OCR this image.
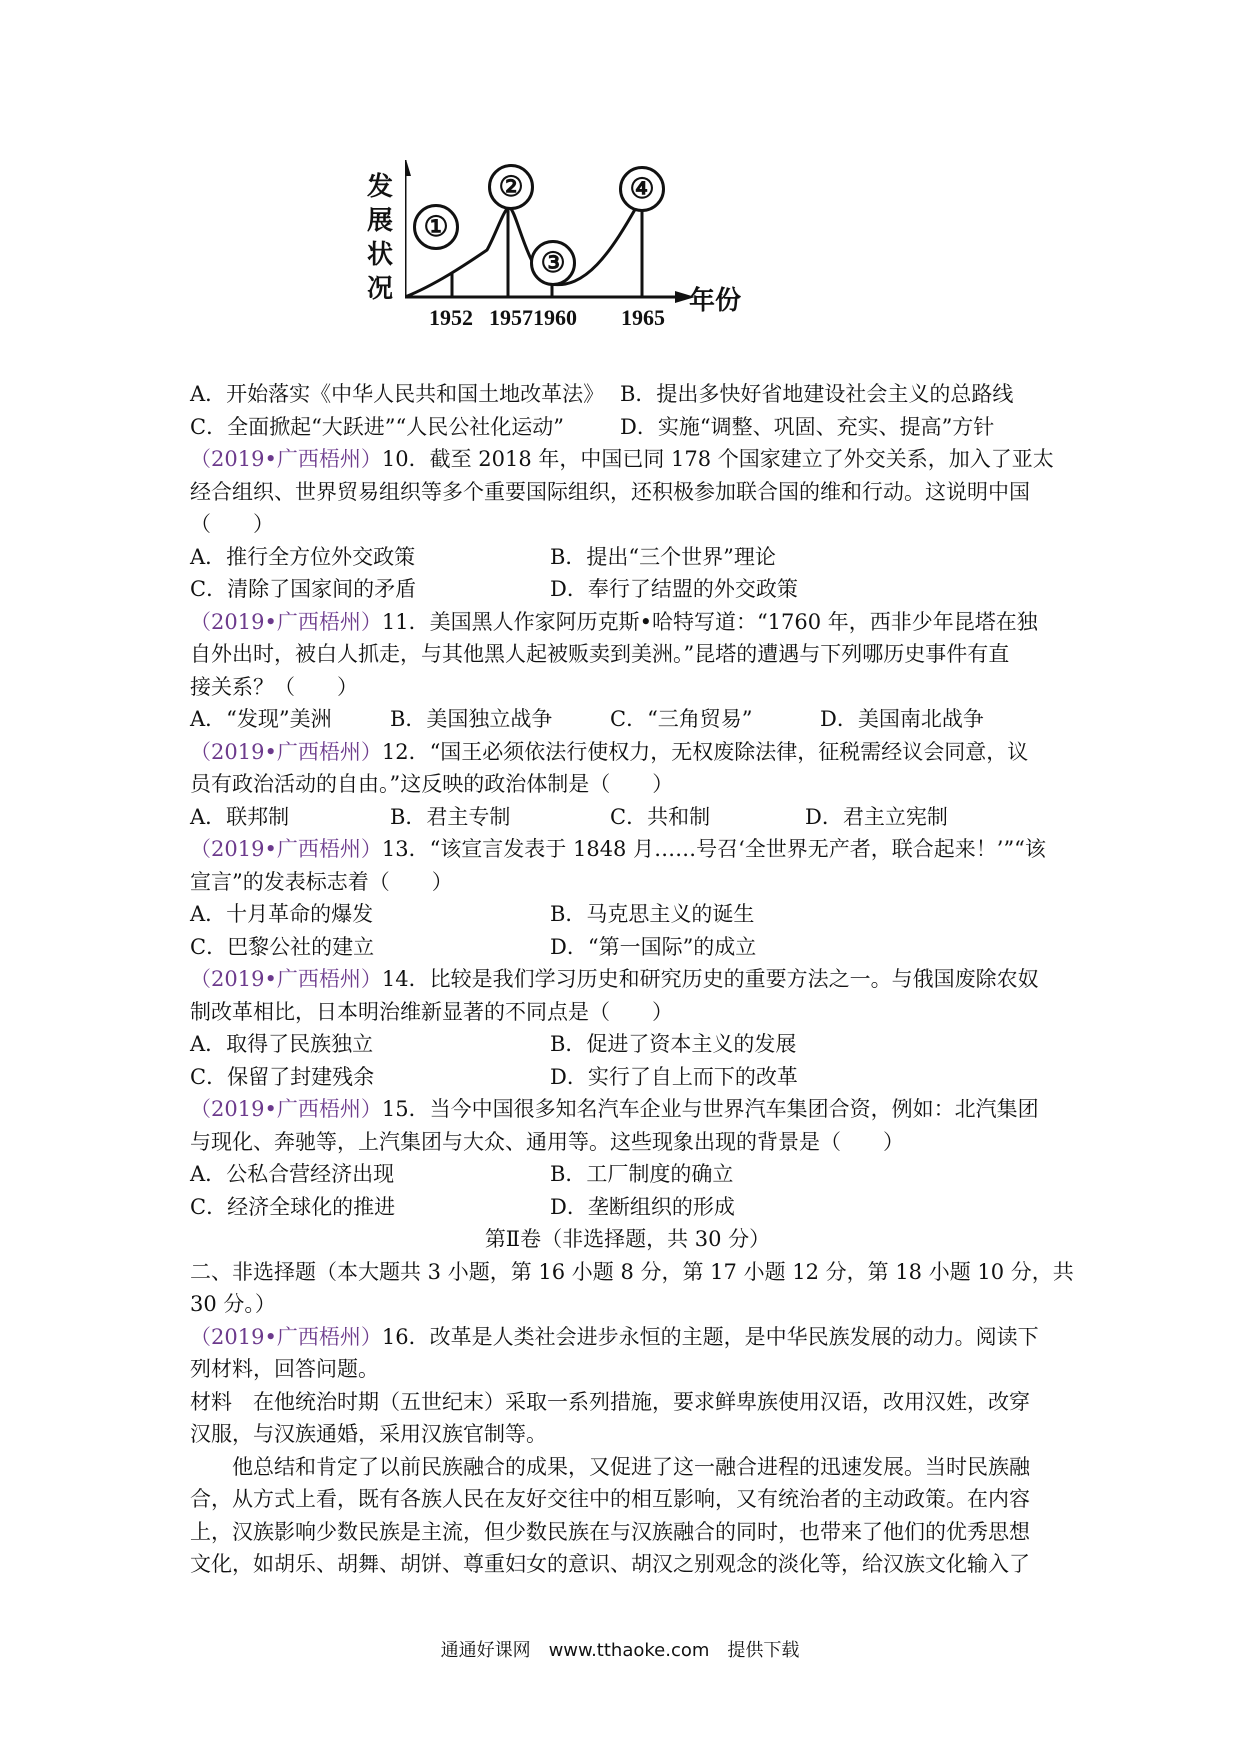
发
展
状
况	年份
1952 1957 1960 1965
①
②
③
④
A．开始落实《中华人民共和国土地改革法》 B．提出多快好省地建设社会主义的总路线
C．全面掀起“大跃进”“人民公社化运动”	D．实施“调整、巩固、充实、提高”方针
（2019•广西梧州）10．截至 2018 年，中国已同 178 个国家建立了外交关系，加入了亚太
经合组织、世界贸易组织等多个重要国际组织，还积极参加联合国的维和行动。这说明中国
（　　）
A．推行全方位外交政策	B．提出“三个世界”理论
C．清除了国家间的矛盾	D．奉行了结盟的外交政策
（2019•广西梧州）11．美国黑人作家阿历克斯•哈特写道：“1760 年，西非少年昆塔在独
自外出时，被白人抓走，与其他黑人起被贩卖到美洲。”昆塔的遭遇与下列哪历史事件有直
接关系？（　　）
A．“发现”美洲	B．美国独立战争	C．“三角贸易”	D．美国南北战争
（2019•广西梧州）12．“国王必须依法行使权力，无权废除法律，征税需经议会同意，议
员有政治活动的自由。”这反映的政治体制是（　　）
A．联邦制	B．君主专制	C．共和制	D．君主立宪制
（2019•广西梧州）13．“该宣言发表于 1848 月……号召‘全世界无产者，联合起来！’”“该
宣言”的发表标志着（　　）
A．十月革命的爆发	B．马克思主义的诞生
C．巴黎公社的建立	D．“第一国际”的成立
（2019•广西梧州）14．比较是我们学习历史和研究历史的重要方法之一。与俄国废除农奴
制改革相比，日本明治维新显著的不同点是（　　）
A．取得了民族独立	B．促进了资本主义的发展
C．保留了封建残余	D．实行了自上而下的改革
（2019•广西梧州）15．当今中国很多知名汽车企业与世界汽车集团合资，例如：北汽集团
与现化、奔驰等，上汽集团与大众、通用等。这些现象出现的背景是（　　）
A．公私合营经济出现	B．工厂制度的确立
C．经济全球化的推进	D．垄断组织的形成
第Ⅱ卷（非选择题，共 30 分）
二、非选择题（本大题共 3 小题，第 16 小题 8 分，第 17 小题 12 分，第 18 小题 10 分，共
30 分。）
（2019•广西梧州）16．改革是人类社会进步永恒的主题，是中华民族发展的动力。阅读下
列材料，回答问题。
材料　在他统治时期（五世纪末）采取一系列措施，要求鲜卑族使用汉语，改用汉姓，改穿
汉服，与汉族通婚，采用汉族官制等。
他总结和肯定了以前民族融合的成果，又促进了这一融合进程的迅速发展。当时民族融
合，从方式上看，既有各族人民在友好交往中的相互影响，又有统治者的主动政策。在内容
上，汉族影响少数民族是主流，但少数民族在与汉族融合的同时，也带来了他们的优秀思想
文化，如胡乐、胡舞、胡饼、尊重妇女的意识、胡汉之别观念的淡化等，给汉族文化输入了
通通好课网　www.tthaoke.com　提供下载
